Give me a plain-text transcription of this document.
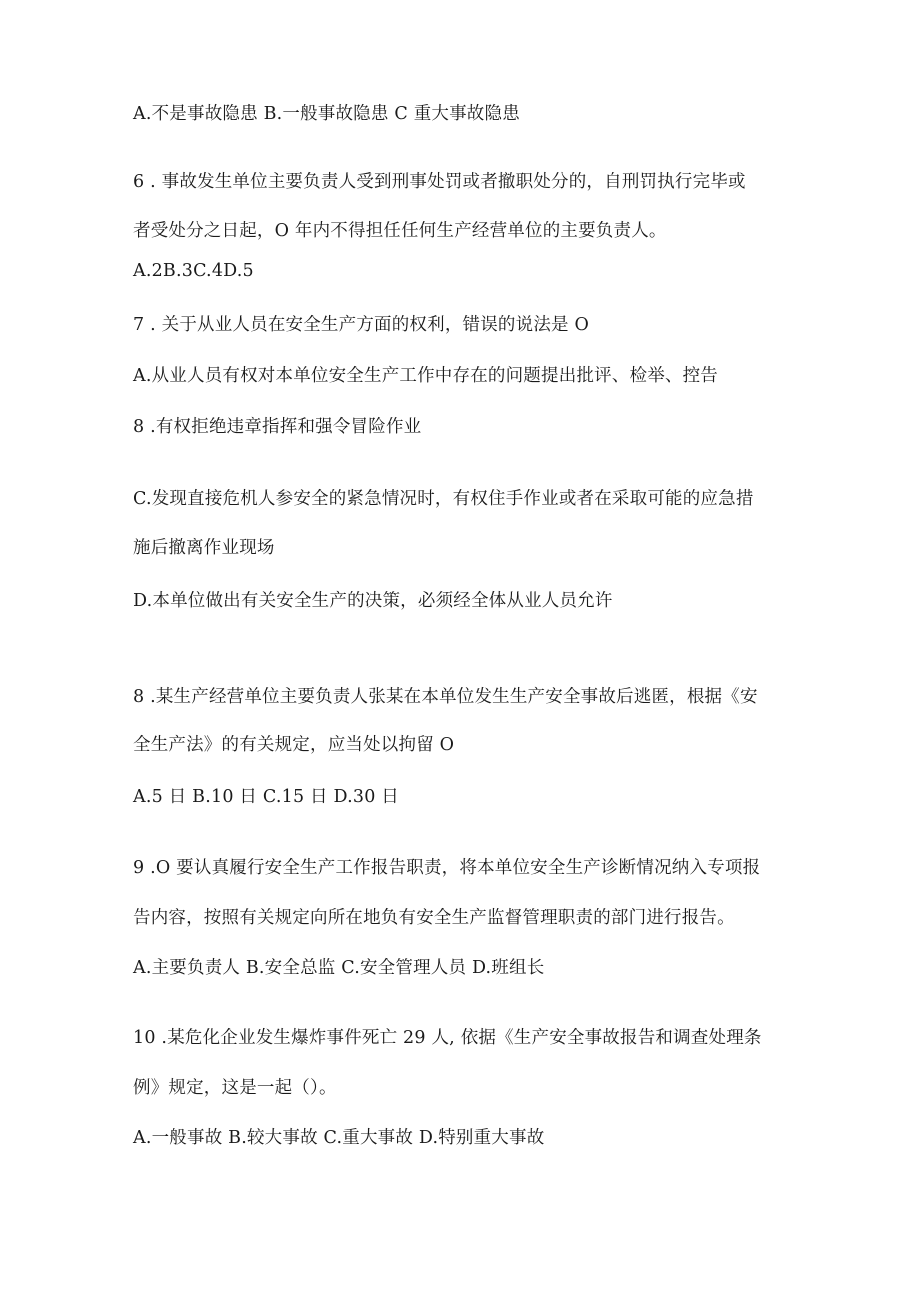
A.不是事故隐患 B.一般事故隐患 C 重大事故隐患
6 . 事故发生单位主要负责人受到刑事处罚或者撤职处分的，自刑罚执行完毕或
者受处分之日起，O 年内不得担任任何生产经营单位的主要负责人。
A.2B.3C.4D.5
7 . 关于从业人员在安全生产方面的权利，错误的说法是 O
A.从业人员有权对本单位安全生产工作中存在的问题提出批评、检举、控告
8 .有权拒绝违章指挥和强令冒险作业
C.发现直接危机人参安全的紧急情况时，有权住手作业或者在采取可能的应急措
施后撤离作业现场
D.本单位做出有关安全生产的决策，必须经全体从业人员允许
8 .某生产经营单位主要负责人张某在本单位发生生产安全事故后逃匿，根据《安
全生产法》的有关规定，应当处以拘留 O
A.5 日 B.10 日 C.15 日 D.30 日
9 .O 要认真履行安全生产工作报告职责，将本单位安全生产诊断情况纳入专项报
告内容，按照有关规定向所在地负有安全生产监督管理职责的部门进行报告。
A.主要负责人 B.安全总监 C.安全管理人员 D.班组长
10 .某危化企业发生爆炸事件死亡 29 人, 依据《生产安全事故报告和调查处理条
例》规定，这是一起（）。
A.一般事故 B.较大事故 C.重大事故 D.特别重大事故
